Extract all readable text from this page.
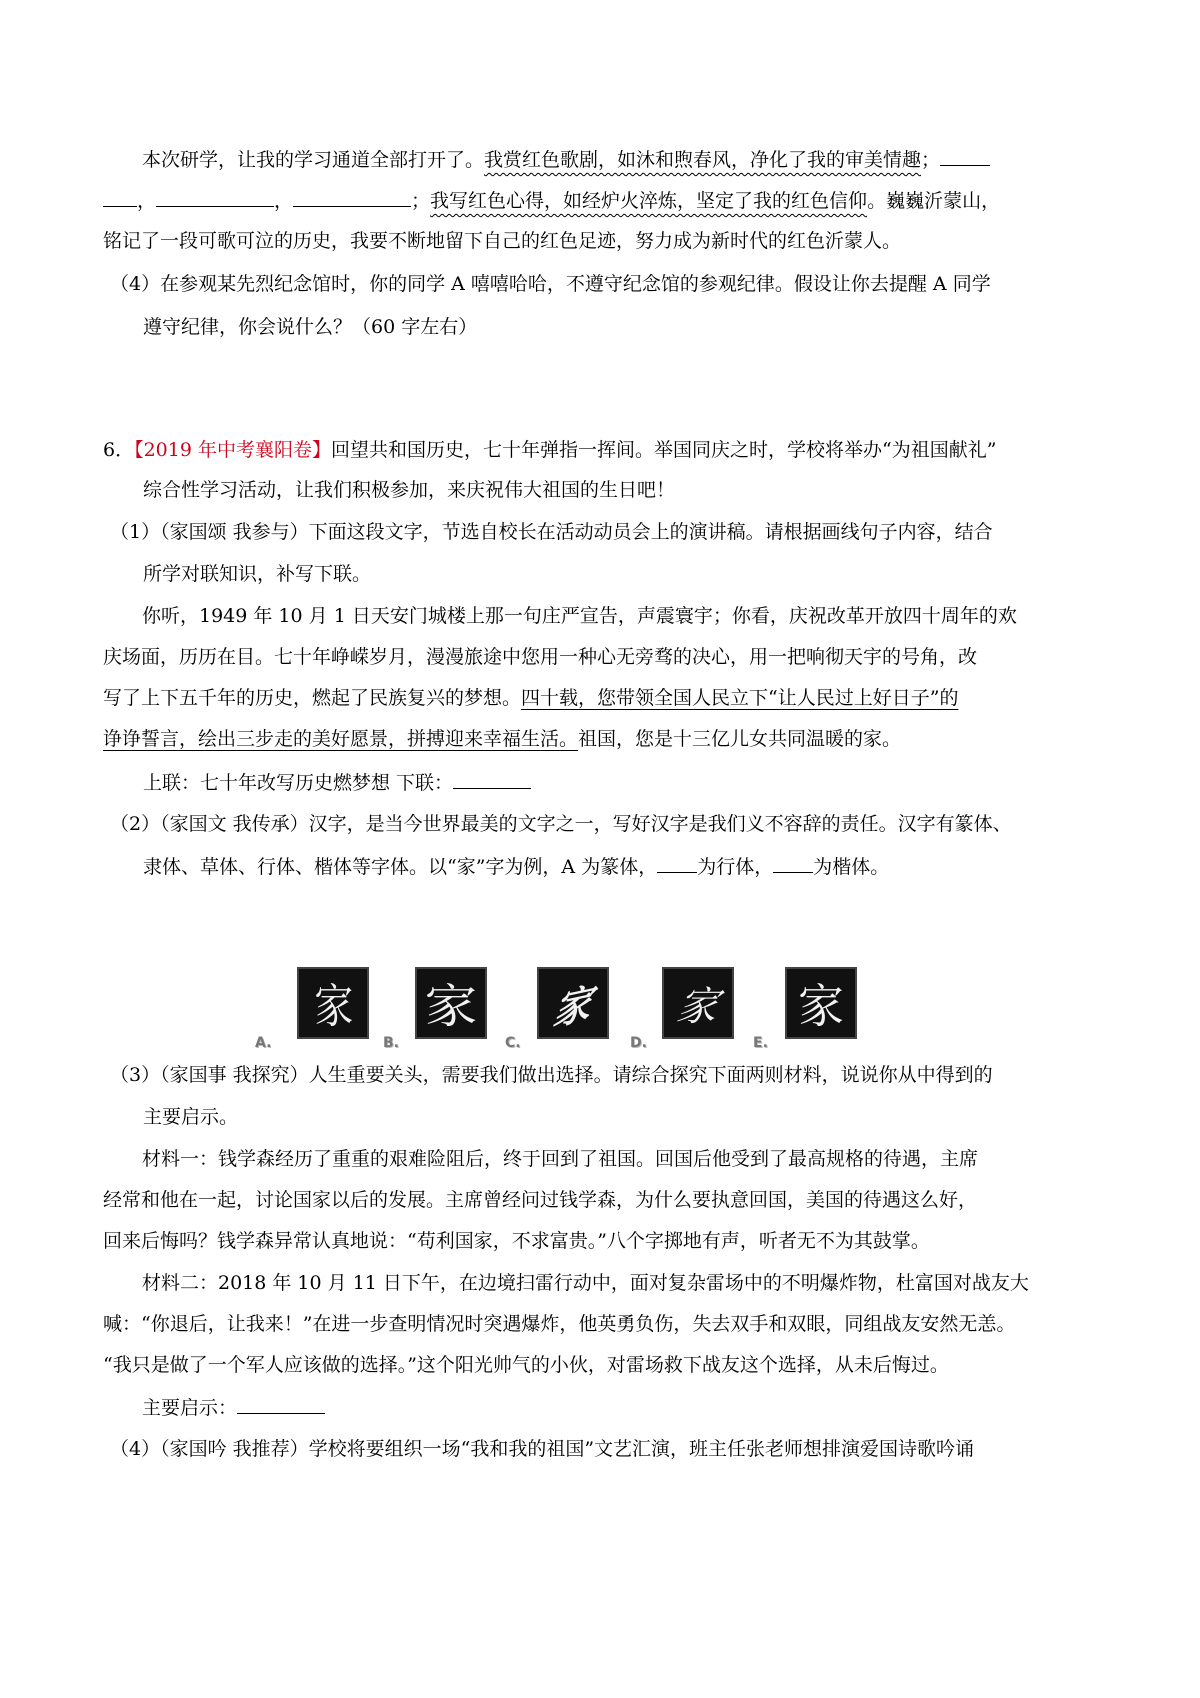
本次研学，让我的学习通道全部打开了。我赏红色歌剧，如沐和煦春风，净化了我的审美情趣；
，	，	；我写红色心得，如经炉火淬炼，坚定了我的红色信仰。巍巍沂蒙山，
铭记了一段可歌可泣的历史，我要不断地留下自己的红色足迹，努力成为新时代的红色沂蒙人。
（4）在参观某先烈纪念馆时，你的同学 A 嘻嘻哈哈，不遵守纪念馆的参观纪律。假设让你去提醒 A 同学
遵守纪律，你会说什么？（60 字左右）
6．【2019 年中考襄阳卷】回望共和国历史，七十年弹指一挥间。举国同庆之时，学校将举办“为祖国献礼”
综合性学习活动，让我们积极参加，来庆祝伟大祖国的生日吧！
（1）（家国颂 我参与）下面这段文字，节选自校长在活动动员会上的演讲稿。请根据画线句子内容，结合
所学对联知识，补写下联。
你听，1949 年 10 月 1 日天安门城楼上那一句庄严宣告，声震寰宇；你看，庆祝改革开放四十周年的欢
庆场面，历历在目。七十年峥嵘岁月，漫漫旅途中您用一种心无旁骛的决心，用一把响彻天宇的号角，改
写了上下五千年的历史，燃起了民族复兴的梦想。四十载，您带领全国人民立下“让人民过上好日子”的
诤诤誓言，绘出三步走的美好愿景，拼搏迎来幸福生活。祖国，您是十三亿儿女共同温暖的家。
上联：七十年改写历史燃梦想 下联：
（2）（家国文 我传承）汉字，是当今世界最美的文字之一，写好汉字是我们义不容辞的责任。汉字有篆体、
隶体、草体、行体、楷体等字体。以“家”字为例，A 为篆体， 为行体， 为楷体。
A.
家
B.
家
C.
家
D.
家
E.
家
（3）（家国事 我探究）人生重要关头，需要我们做出选择。请综合探究下面两则材料，说说你从中得到的
主要启示。
材料一：钱学森经历了重重的艰难险阻后，终于回到了祖国。回国后他受到了最高规格的待遇，主席
经常和他在一起，讨论国家以后的发展。主席曾经问过钱学森，为什么要执意回国，美国的待遇这么好，
回来后悔吗？钱学森异常认真地说：“苟利国家，不求富贵。”八个字掷地有声，听者无不为其鼓掌。
材料二：2018 年 10 月 11 日下午，在边境扫雷行动中，面对复杂雷场中的不明爆炸物，杜富国对战友大
喊：“你退后，让我来！”在进一步查明情况时突遇爆炸，他英勇负伤，失去双手和双眼，同组战友安然无恙。
“我只是做了一个军人应该做的选择。”这个阳光帅气的小伙，对雷场救下战友这个选择，从未后悔过。
主要启示：
（4）（家国吟 我推荐）学校将要组织一场“我和我的祖国”文艺汇演，班主任张老师想排演爱国诗歌吟诵
